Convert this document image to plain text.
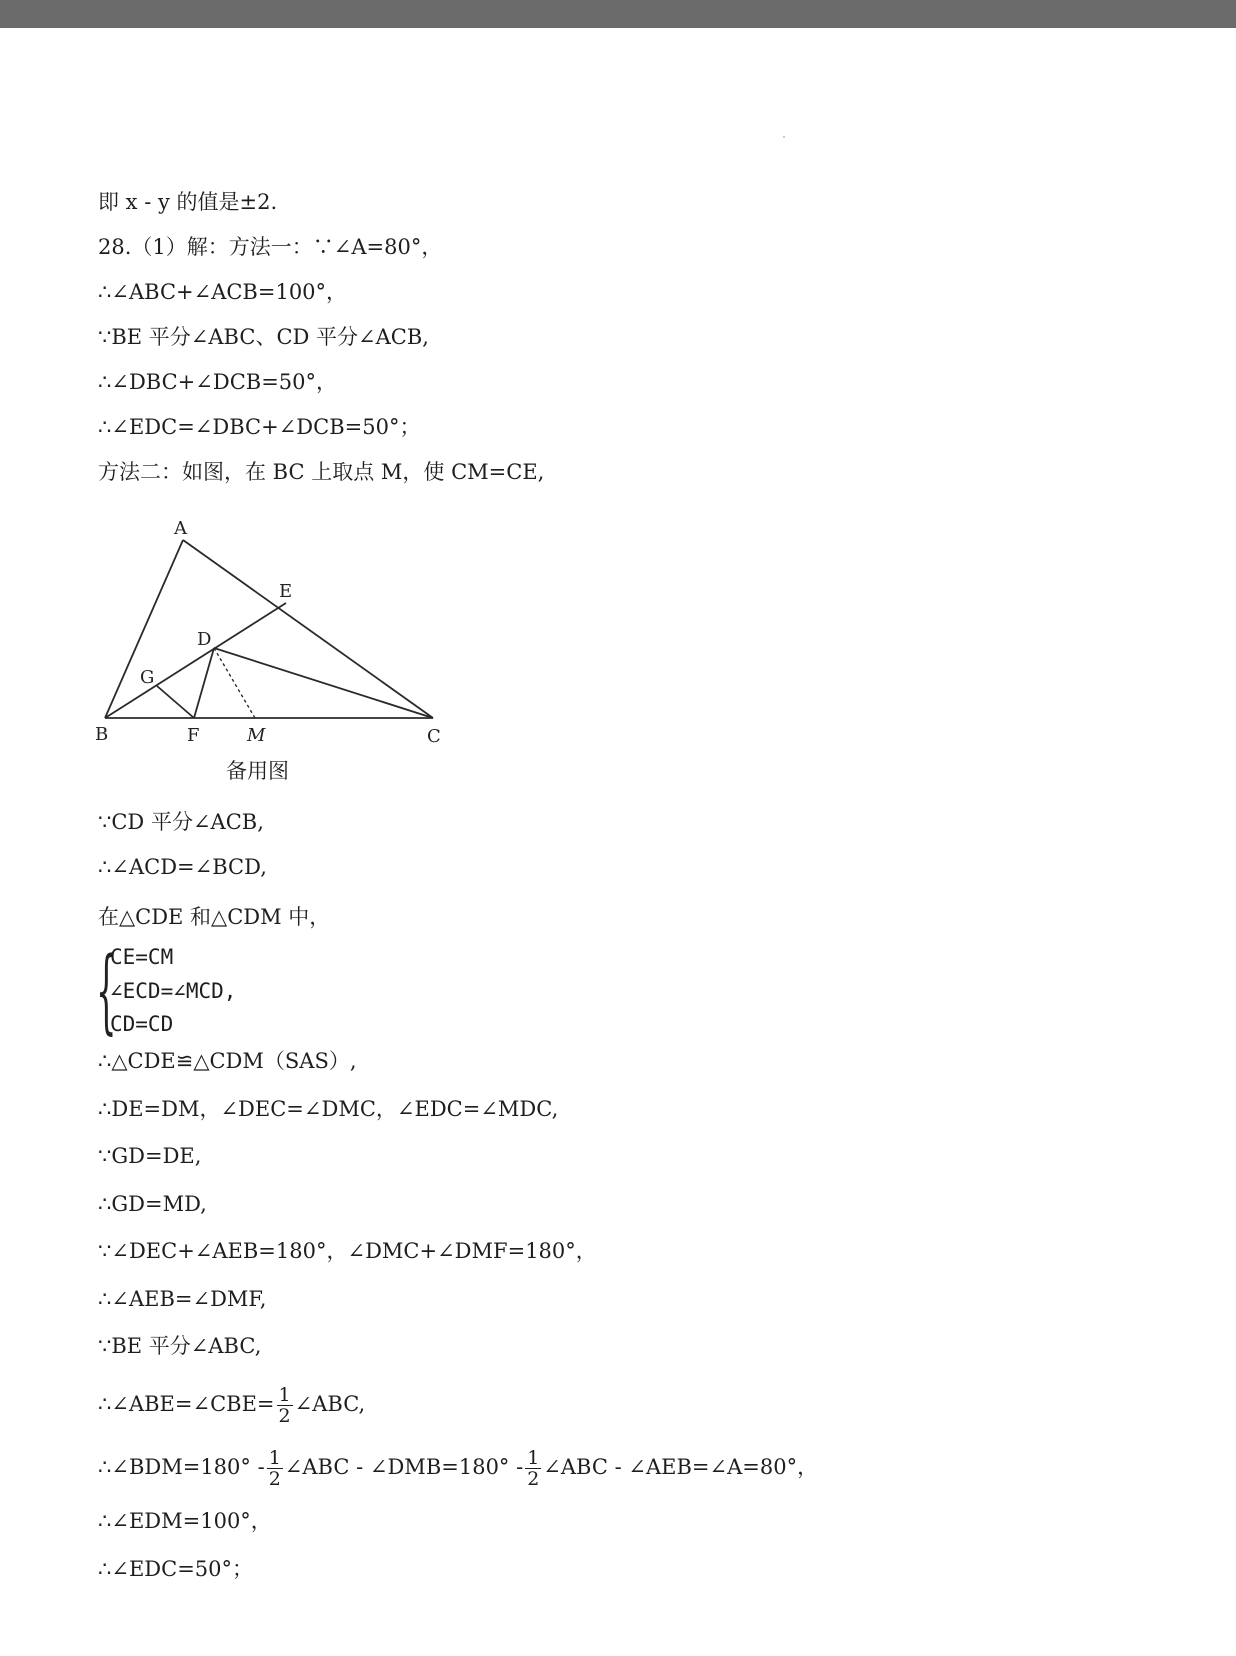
即 x - y 的值是±2.
28.（1）解：方法一：∵∠A=80°，
∴∠ABC+∠ACB=100°，
∵BE 平分∠ABC、CD 平分∠ACB,
∴∠DBC+∠DCB=50°，
∴∠EDC=∠DBC+∠DCB=50°；
方法二：如图，在 BC 上取点 M，使 CM=CE,
A
B	C
D
E
F
G
M
备用图
∵CD 平分∠ACB,
∴∠ACD=∠BCD,
在△CDE 和△CDM 中，
{
CE=CM
∠ECD=∠MCD,
CD=CD
∴△CDE≌△CDM（SAS）,
∴DE=DM，∠DEC=∠DMC，∠EDC=∠MDC,
∵GD=DE,
∴GD=MD,
∵∠DEC+∠AEB=180°，∠DMC+∠DMF=180°，
∴∠AEB=∠DMF,
∵BE 平分∠ABC,
∴∠ABE=∠CBE= $\frac{1}{2}$ ∠ABC,
∴∠BDM=180° - $\frac{1}{2}$ ∠ABC - ∠DMB=180° - $\frac{1}{2}$ ∠ABC - ∠AEB=∠A=80°，
∴∠EDM=100°，
∴∠EDC=50°；
